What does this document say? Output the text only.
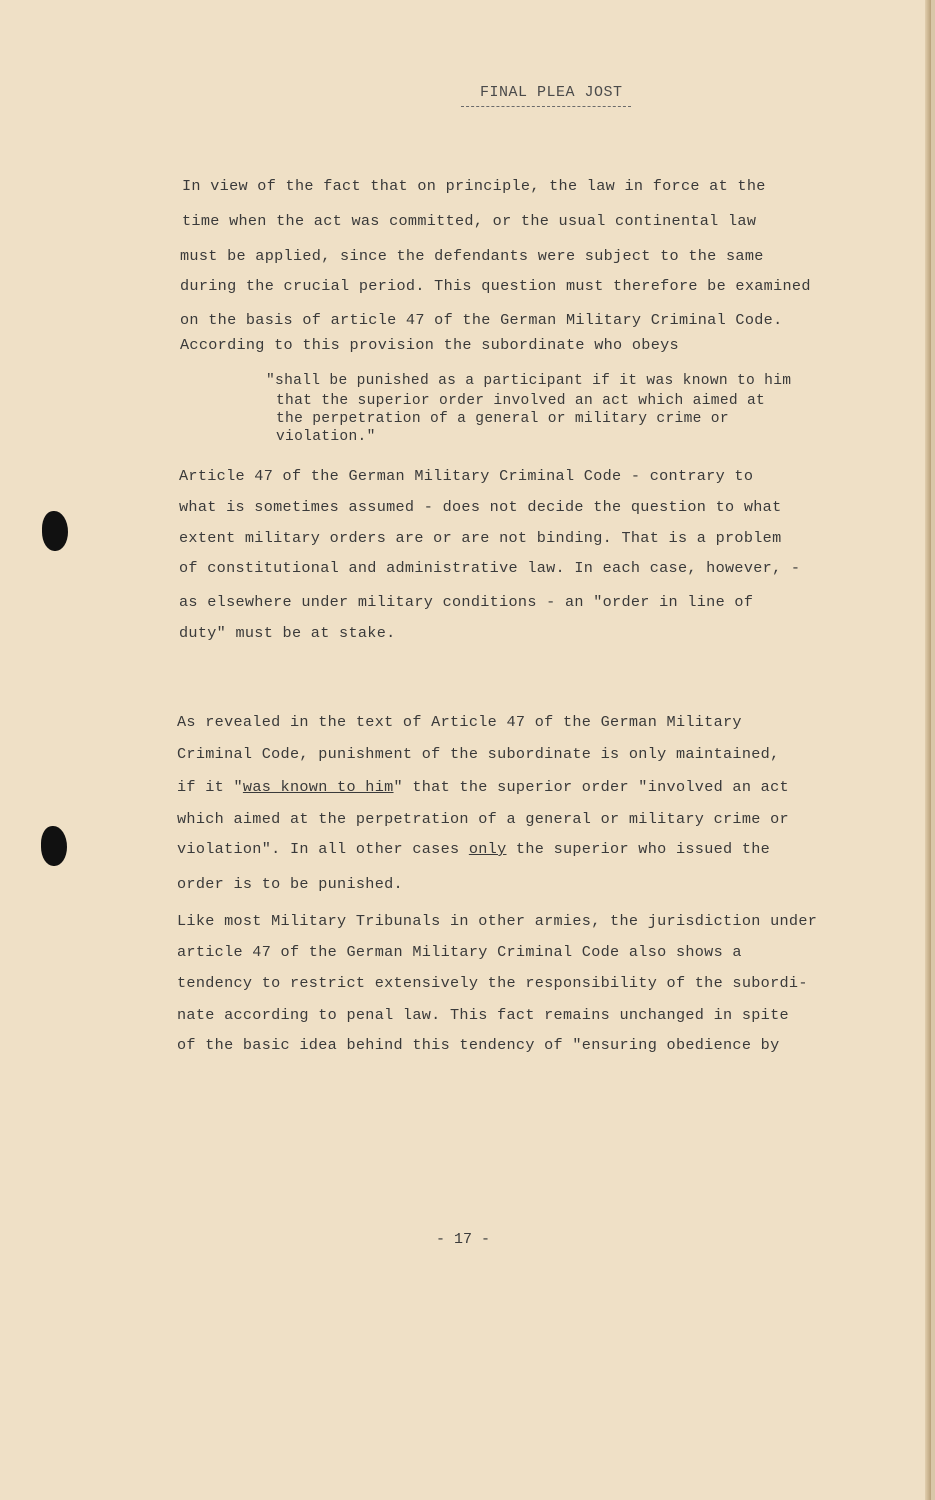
FINAL PLEA JOST
In view of the fact that on principle, the law in force at the
time when the act was committed, or the usual continental law
must be applied, since the defendants were subject to the same
during the crucial period. This question must therefore be examined
on the basis of article 47 of the German Military Criminal Code.
According to this provision the subordinate who obeys
"shall be punished as a participant if it was known to him
that the superior order involved an act which aimed at
the perpetration of a general or military crime or
violation."
Article 47 of the German Military Criminal Code - contrary to
what is sometimes assumed - does not decide the question to what
extent military orders are or are not binding. That is a problem
of constitutional and administrative law. In each case, however, -
as elsewhere under military conditions - an "order in line of
duty" must be at stake.
As revealed in the text of Article 47 of the German Military
Criminal Code, punishment of the subordinate is only maintained,
if it "was known to him" that the superior order "involved an act
which aimed at the perpetration of a general or military crime or
violation". In all other cases only the superior who issued the
order is to be punished.
Like most Military Tribunals in other armies, the jurisdiction under
article 47 of the German Military Criminal Code also shows a
tendency to restrict extensively the responsibility of the subordi-
nate according to penal law. This fact remains unchanged in spite
of the basic idea behind this tendency of "ensuring obedience by
- 17 -
